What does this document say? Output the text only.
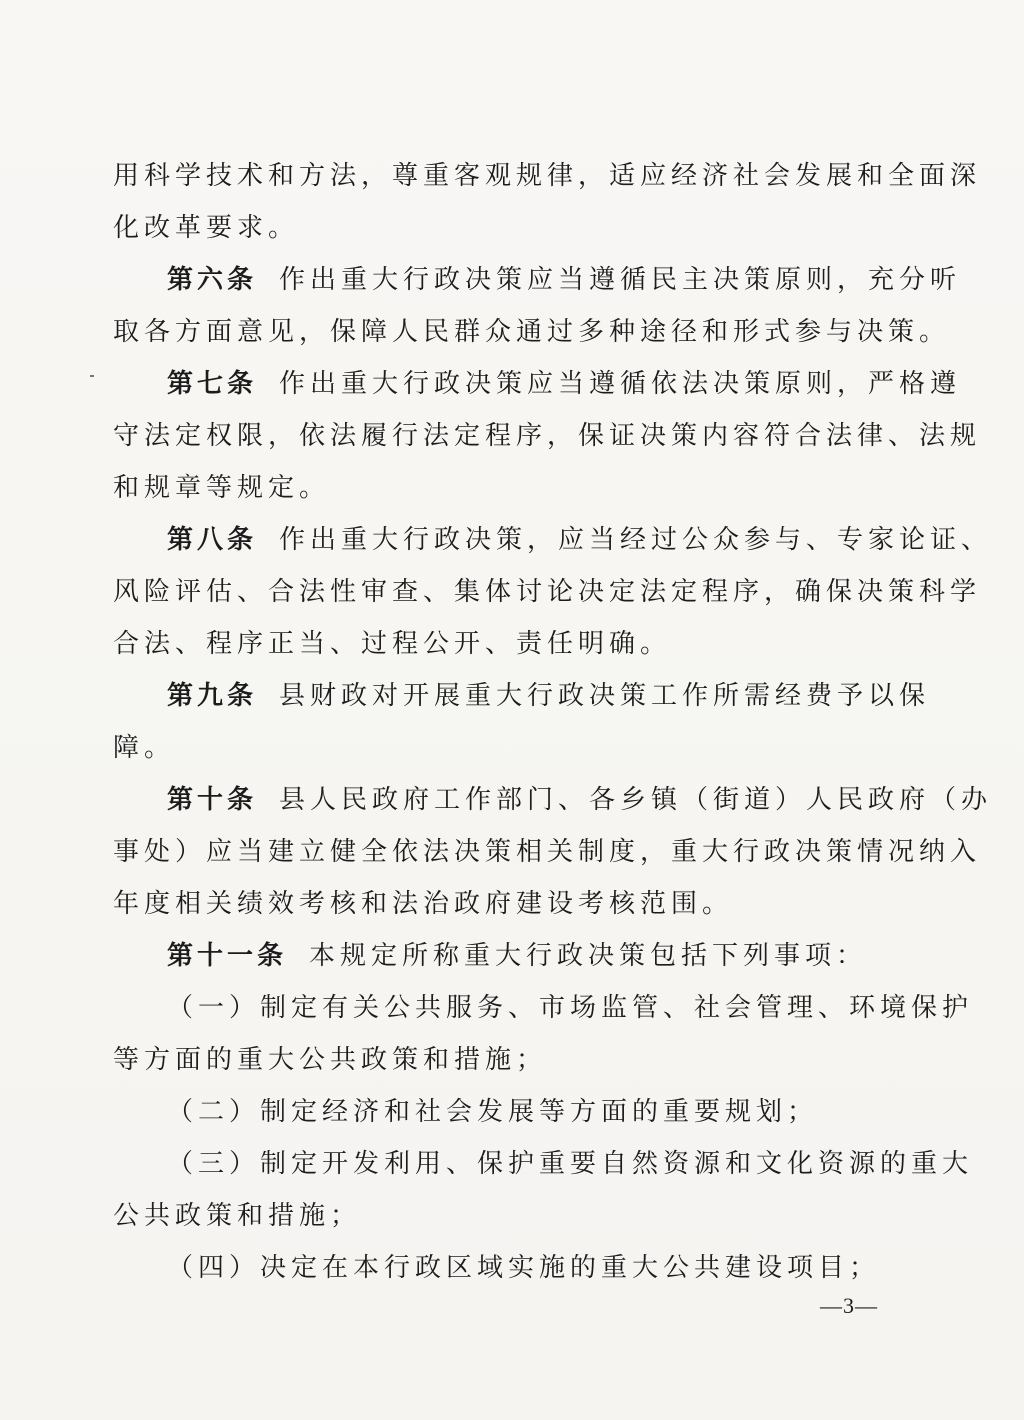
用科学技术和方法，尊重客观规律，适应经济社会发展和全面深
化改革要求。
第六条 作出重大行政决策应当遵循民主决策原则，充分听
取各方面意见，保障人民群众通过多种途径和形式参与决策。
第七条 作出重大行政决策应当遵循依法决策原则，严格遵
守法定权限，依法履行法定程序，保证决策内容符合法律、法规
和规章等规定。
第八条 作出重大行政决策，应当经过公众参与、专家论证、
风险评估、合法性审查、集体讨论决定法定程序，确保决策科学
合法、程序正当、过程公开、责任明确。
第九条 县财政对开展重大行政决策工作所需经费予以保
障。
第十条 县人民政府工作部门、各乡镇（街道）人民政府（办
事处）应当建立健全依法决策相关制度，重大行政决策情况纳入
年度相关绩效考核和法治政府建设考核范围。
第十一条 本规定所称重大行政决策包括下列事项：
（一）制定有关公共服务、市场监管、社会管理、环境保护
等方面的重大公共政策和措施；
（二）制定经济和社会发展等方面的重要规划；
（三）制定开发利用、保护重要自然资源和文化资源的重大
公共政策和措施；
（四）决定在本行政区域实施的重大公共建设项目；
—3—
